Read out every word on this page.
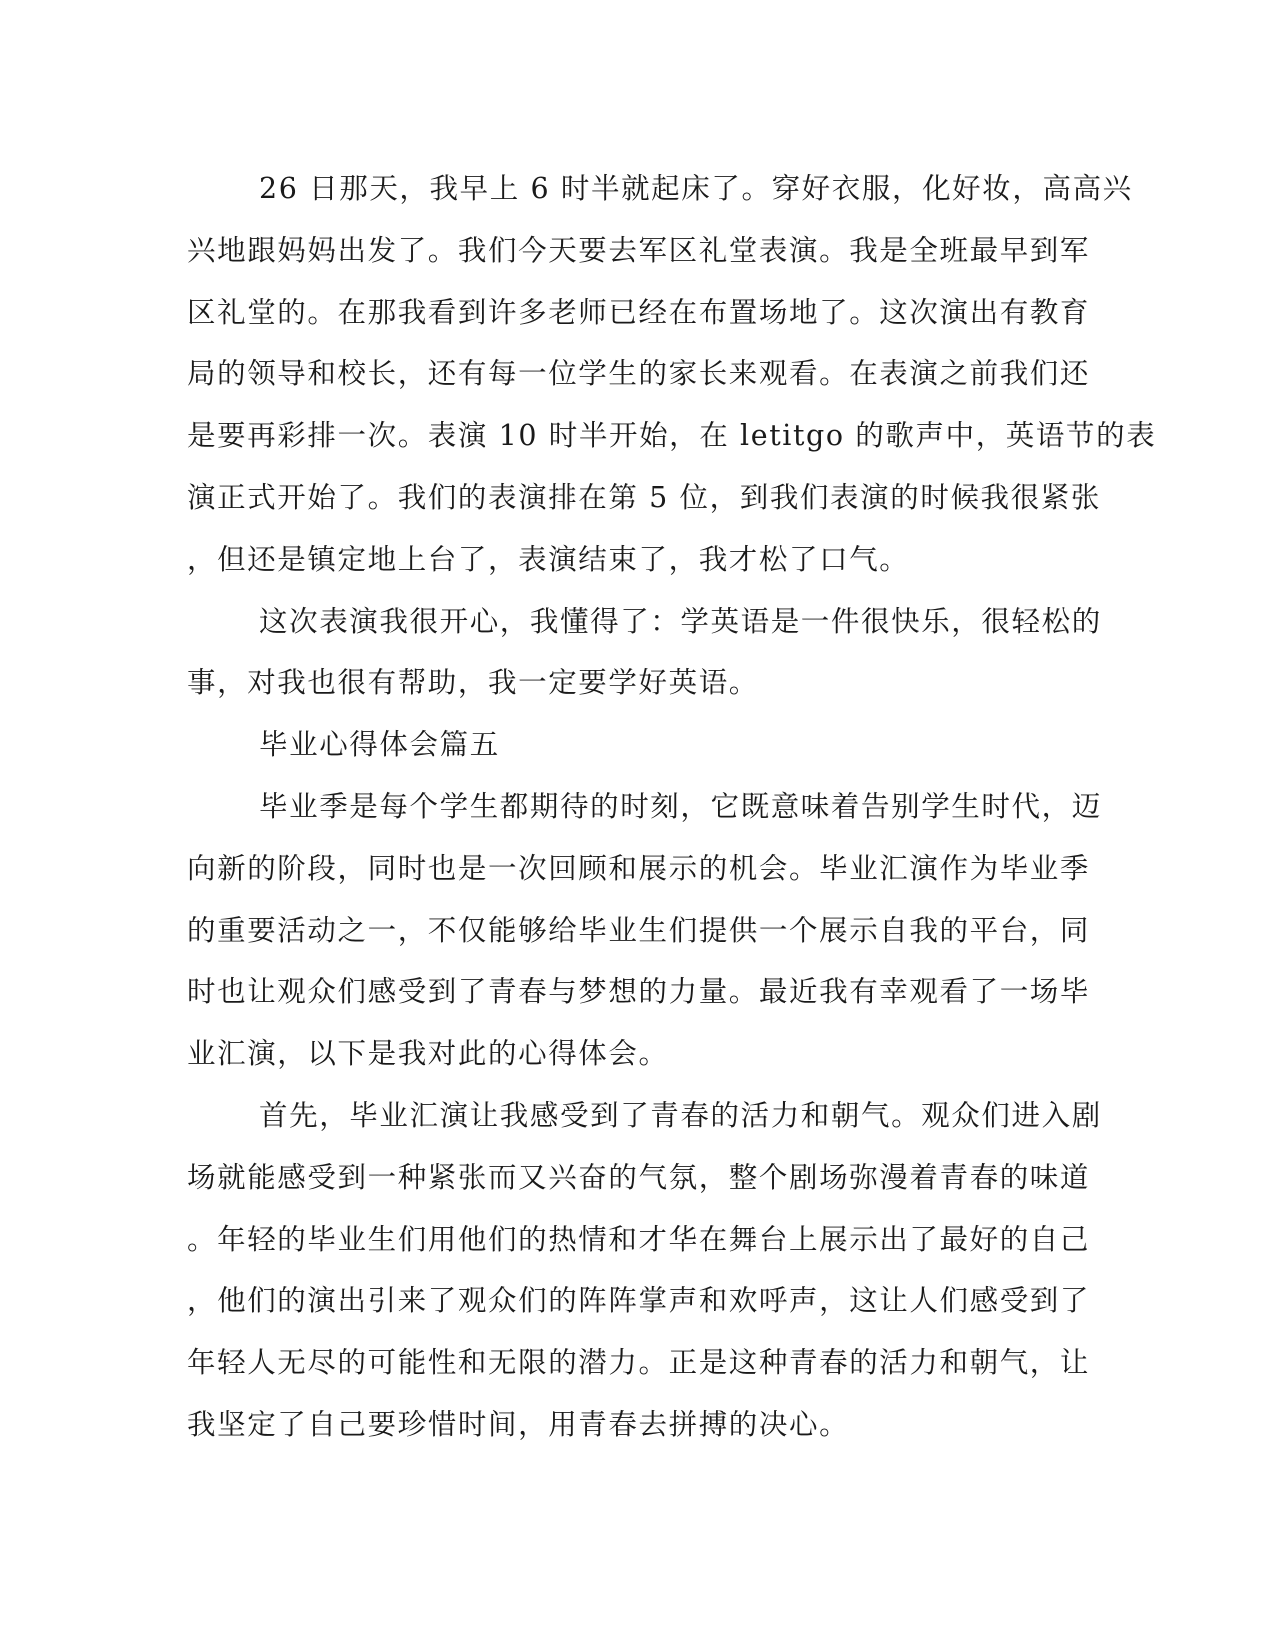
26 日那天，我早上 6 时半就起床了。穿好衣服，化好妆，高高兴
兴地跟妈妈出发了。我们今天要去军区礼堂表演。我是全班最早到军
区礼堂的。在那我看到许多老师已经在布置场地了。这次演出有教育
局的领导和校长，还有每一位学生的家长来观看。在表演之前我们还
是要再彩排一次。表演 10 时半开始，在 letitgo 的歌声中，英语节的表
演正式开始了。我们的表演排在第 5 位，到我们表演的时候我很紧张
，但还是镇定地上台了，表演结束了，我才松了口气。
这次表演我很开心，我懂得了：学英语是一件很快乐，很轻松的
事，对我也很有帮助，我一定要学好英语。
毕业心得体会篇五
毕业季是每个学生都期待的时刻，它既意味着告别学生时代，迈
向新的阶段，同时也是一次回顾和展示的机会。毕业汇演作为毕业季
的重要活动之一，不仅能够给毕业生们提供一个展示自我的平台，同
时也让观众们感受到了青春与梦想的力量。最近我有幸观看了一场毕
业汇演，以下是我对此的心得体会。
首先，毕业汇演让我感受到了青春的活力和朝气。观众们进入剧
场就能感受到一种紧张而又兴奋的气氛，整个剧场弥漫着青春的味道
。年轻的毕业生们用他们的热情和才华在舞台上展示出了最好的自己
，他们的演出引来了观众们的阵阵掌声和欢呼声，这让人们感受到了
年轻人无尽的可能性和无限的潜力。正是这种青春的活力和朝气，让
我坚定了自己要珍惜时间，用青春去拼搏的决心。
